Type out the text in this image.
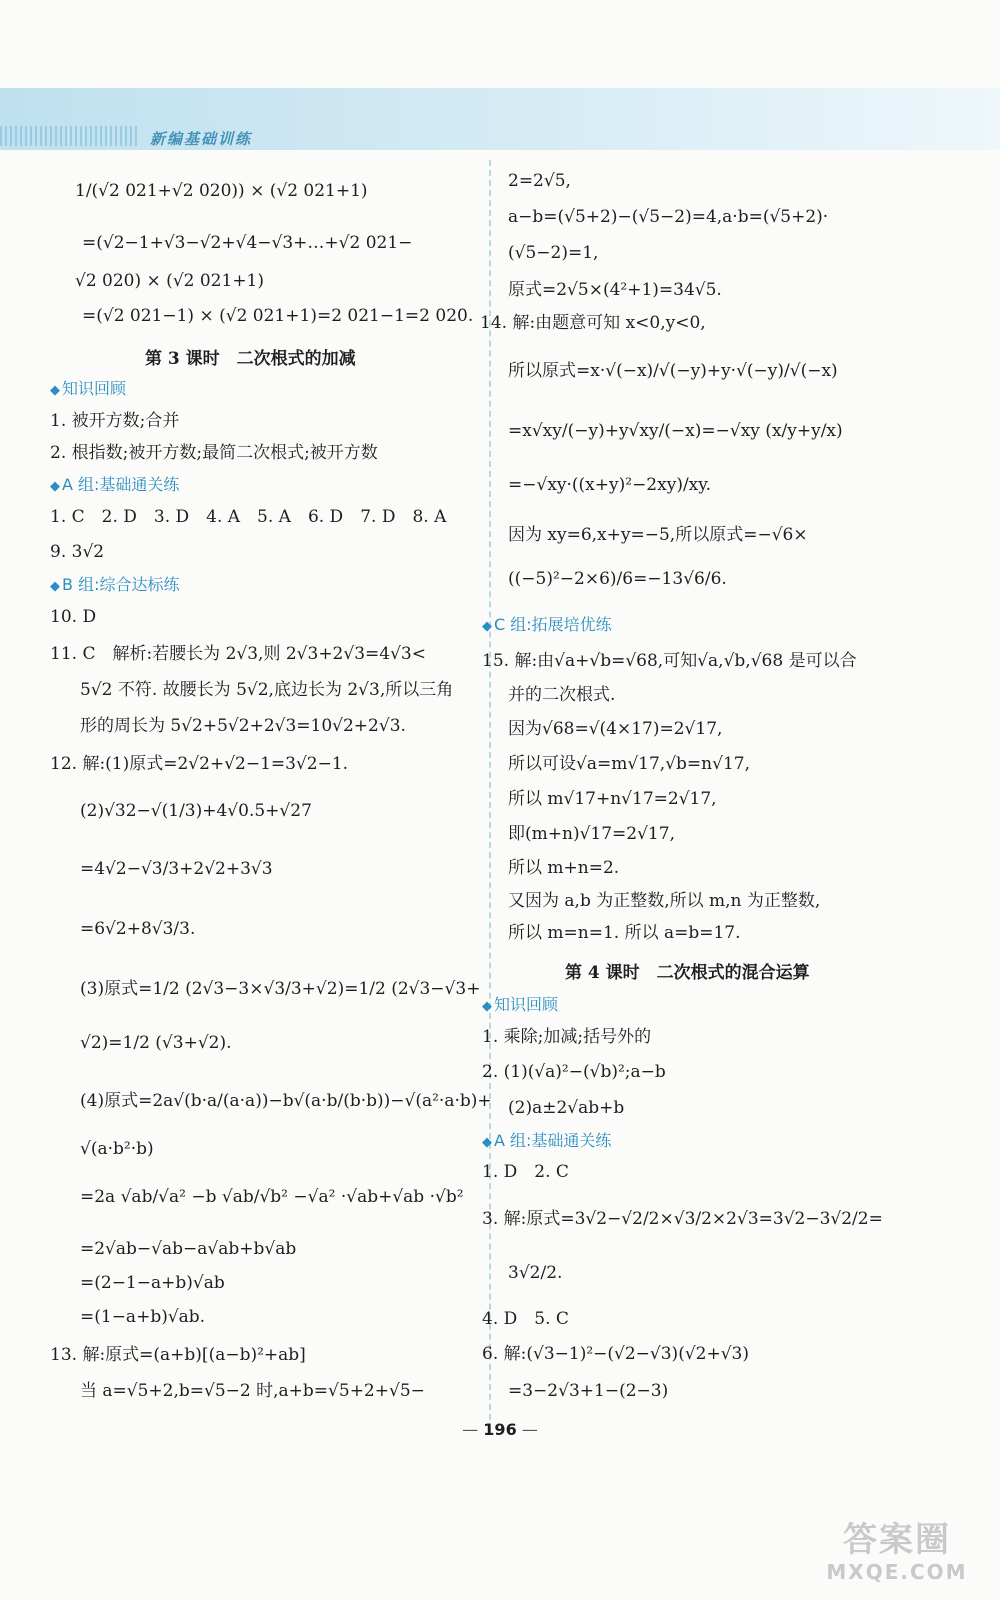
新编基础训练
1/(√2 021+√2 020)) × (√2 021+1)
=(√2−1+√3−√2+√4−√3+…+√2 021−
√2 020) × (√2 021+1)
=(√2 021−1) × (√2 021+1)=2 021−1=2 020.
第 3 课时　二次根式的加减
◆ 知识回顾
1. 被开方数;合并
2. 根指数;被开方数;最简二次根式;被开方数
◆ A 组:基础通关练
1. C　2. D　3. D　4. A　5. A　6. D　7. D　8. A
9. 3√2
◆ B 组:综合达标练
10. D
11. C　解析:若腰长为 2√3,则 2√3+2√3=4√3<
5√2 不符. 故腰长为 5√2,底边长为 2√3,所以三角
形的周长为 5√2+5√2+2√3=10√2+2√3.
12. 解:(1)原式=2√2+√2−1=3√2−1.
(2)√32−√(1/3)+4√0.5+√27
=4√2−√3/3+2√2+3√3
=6√2+8√3/3.
(3)原式=1/2 (2√3−3×√3/3+√2)=1/2 (2√3−√3+
√2)=1/2 (√3+√2).
(4)原式=2a√(b·a/(a·a))−b√(a·b/(b·b))−√(a²·a·b)+
√(a·b²·b)
=2a √ab/√a² −b √ab/√b² −√a² ·√ab+√ab ·√b²
=2√ab−√ab−a√ab+b√ab
=(2−1−a+b)√ab
=(1−a+b)√ab.
13. 解:原式=(a+b)[(a−b)²+ab]
当 a=√5+2,b=√5−2 时,a+b=√5+2+√5−
2=2√5,
a−b=(√5+2)−(√5−2)=4,a·b=(√5+2)·
(√5−2)=1,
原式=2√5×(4²+1)=34√5.
14. 解:由题意可知 x<0,y<0,
所以原式=x·√(−x)/√(−y)+y·√(−y)/√(−x)
=x√xy/(−y)+y√xy/(−x)=−√xy (x/y+y/x)
=−√xy·((x+y)²−2xy)/xy.
因为 xy=6,x+y=−5,所以原式=−√6×
((−5)²−2×6)/6=−13√6/6.
◆ C 组:拓展培优练
15. 解:由√a+√b=√68,可知√a,√b,√68 是可以合
并的二次根式.
因为√68=√(4×17)=2√17,
所以可设√a=m√17,√b=n√17,
所以 m√17+n√17=2√17,
即(m+n)√17=2√17,
所以 m+n=2.
又因为 a,b 为正整数,所以 m,n 为正整数,
所以 m=n=1. 所以 a=b=17.
第 4 课时　二次根式的混合运算
◆ 知识回顾
1. 乘除;加减;括号外的
2. (1)(√a)²−(√b)²;a−b
(2)a±2√ab+b
◆ A 组:基础通关练
1. D　2. C
3. 解:原式=3√2−√2/2×√3/2×2√3=3√2−3√2/2=
3√2/2.
4. D　5. C
6. 解:(√3−1)²−(√2−√3)(√2+√3)
=3−2√3+1−(2−3)
— 196 —
答案圈
MXQE.COM
